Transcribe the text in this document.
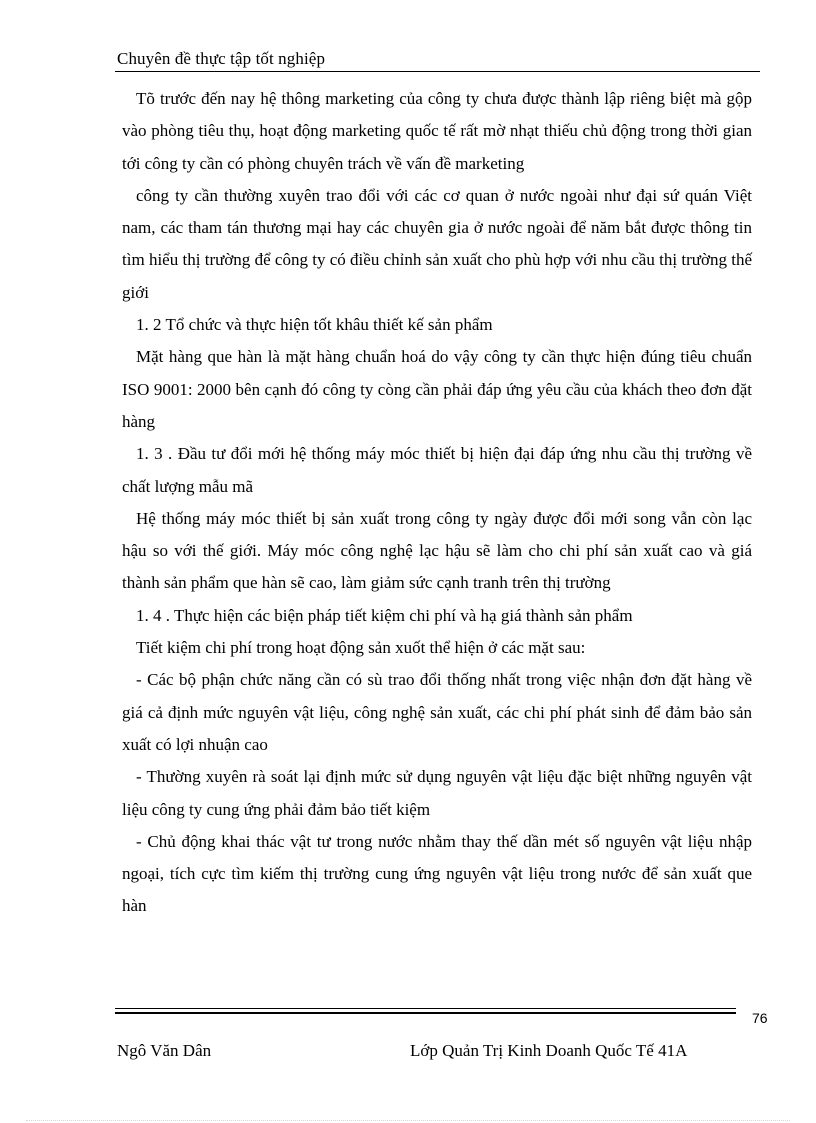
Chuyên đề thực tập tốt nghiệp

Tõ trước đến nay hệ thông marketing của công ty chưa được thành lập riêng biệt mà gộp vào phòng tiêu thụ, hoạt động marketing quốc tế rất mờ nhạt thiếu chủ động trong thời gian tới công ty cần có phòng chuyên trách về vấn đề marketing

công ty cần thường xuyên trao đổi với các cơ quan ở nước ngoài như đại sứ quán Việt nam, các tham tán thương mại hay các chuyên gia ở nước ngoài để năm bắt được thông tin tìm hiểu thị trường để công ty có điều chỉnh sản xuất cho phù hợp với nhu cầu thị trường thế giới

1. 2 Tổ chức và thực hiện tốt khâu thiết kế sản phẩm

Mặt hàng que hàn là mặt hàng chuẩn hoá do vậy công ty cần thực hiện đúng tiêu chuẩn ISO 9001: 2000 bên cạnh đó công ty còng cần phải đáp ứng yêu cầu của khách theo đơn đặt hàng

1. 3 . Đầu tư đổi mới hệ thống máy móc thiết bị hiện đại đáp ứng nhu cầu thị trường về chất lượng mẫu mã

Hệ thống máy móc thiết bị sản xuất trong công ty ngày được đổi mới song vẫn còn lạc hậu so với thế giới. Máy móc công nghệ lạc hậu sẽ làm cho chi phí sản xuất cao và giá thành sản phẩm que hàn sẽ cao, làm giảm sức cạnh tranh trên thị trường

1. 4 . Thực hiện các biện pháp tiết kiệm chi phí và hạ giá thành sản phẩm

Tiết kiệm chi phí trong hoạt động sản xuốt thể hiện ở các mặt sau:

- Các bộ phận chức năng cần có sù trao đổi thống nhất trong việc nhận đơn đặt hàng về giá cả định mức nguyên vật liệu, công nghệ sản xuất, các chi phí phát sinh để đảm bảo sản xuất có lợi nhuận cao

- Thường xuyên rà soát lại định mức sử dụng nguyên vật liệu đặc biệt những nguyên vật liệu công ty cung ứng phải đảm bảo tiết kiệm

- Chủ động khai thác vật tư trong nước nhằm thay thế dần mét số nguyên vật liệu nhập ngoại, tích cực tìm kiếm thị trường cung ứng nguyên vật liệu trong nước để sản xuất que hàn

76
Ngô Văn Dân	Lớp Quản Trị Kinh Doanh Quốc Tế 41A
